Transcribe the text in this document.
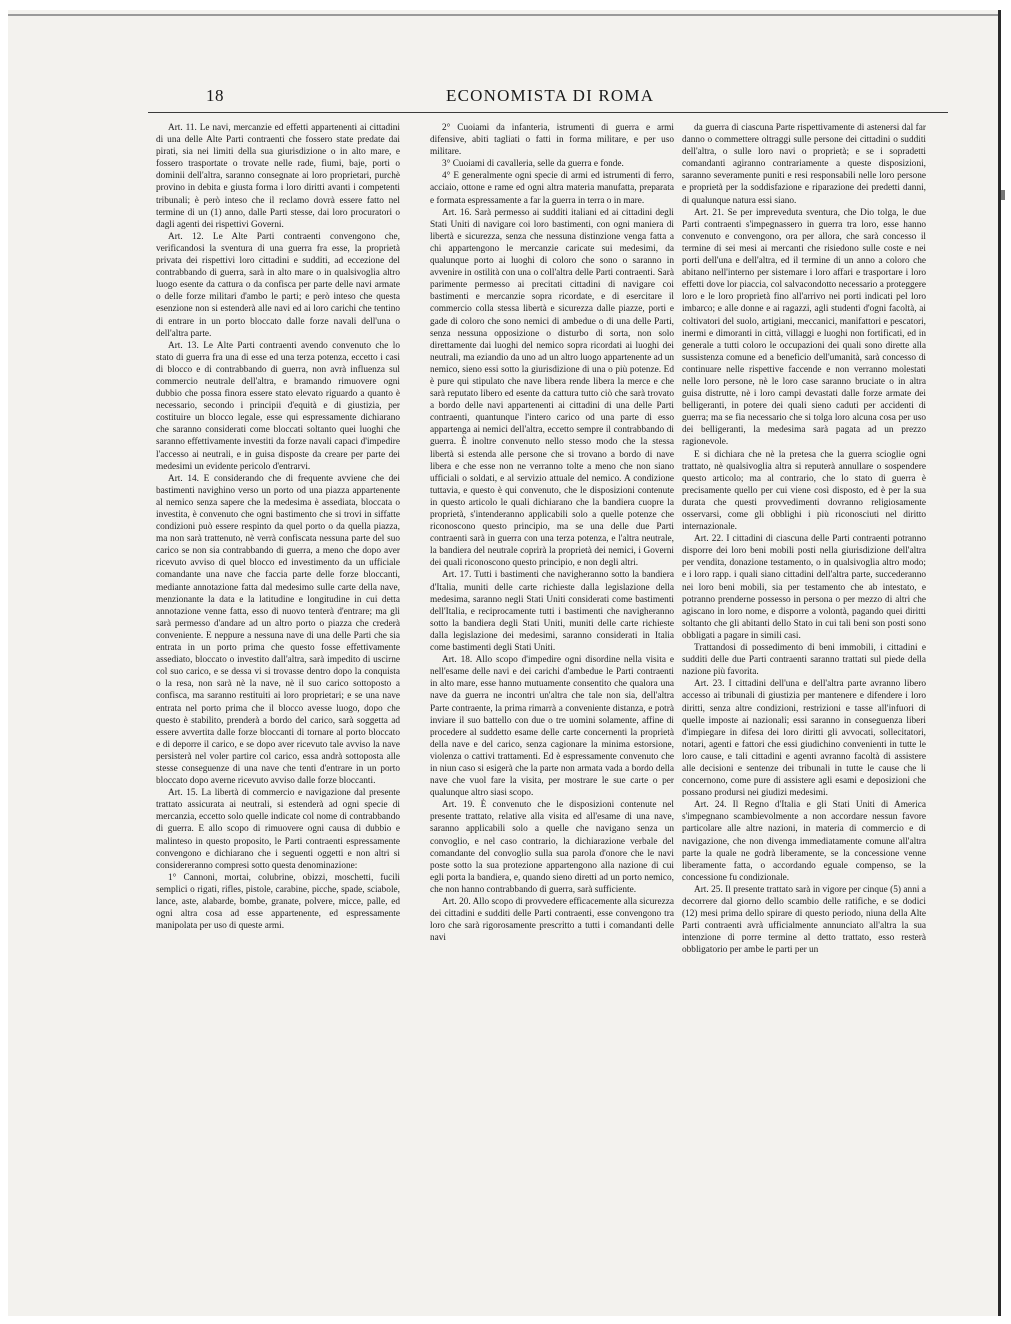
18	ECONOMISTA DI ROMA

Art. 11. Le navi, mercanzie ed effetti appartenenti ai cittadini di una delle Alte Parti contraenti che fossero state predate dai pirati, sia nei limiti della sua giurisdizione o in alto mare, e fossero trasportate o trovate nelle rade, fiumi, baje, porti o dominii dell'altra, saranno consegnate ai loro proprietari, purchè provino in debita e giusta forma i loro diritti avanti i competenti tribunali; è però inteso che il reclamo dovrà essere fatto nel termine di un (1) anno, dalle Parti stesse, dai loro procuratori o dagli agenti dei rispettivi Governi.

Art. 12. Le Alte Parti contraenti convengono che, verificandosi la sventura di una guerra fra esse, la proprietà privata dei rispettivi loro cittadini e sudditi, ad eccezione del contrabbando di guerra, sarà in alto mare o in qualsivoglia altro luogo esente da cattura o da confisca per parte delle navi armate o delle forze militari d'ambo le parti; e però inteso che questa esenzione non si estenderà alle navi ed ai loro carichi che tentino di entrare in un porto bloccato dalle forze navali dell'una o dell'altra parte.

Art. 13. Le Alte Parti contraenti avendo convenuto che lo stato di guerra fra una di esse ed una terza potenza, eccetto i casi di blocco e di contrabbando di guerra, non avrà influenza sul commercio neutrale dell'altra, e bramando rimuovere ogni dubbio che possa finora essere stato elevato riguardo a quanto è necessario, secondo i principii d'equità e di giustizia, per costituire un blocco legale, esse qui espressamente dichiarano che saranno considerati come bloccati soltanto quei luoghi che saranno effettivamente investiti da forze navali capaci d'impedire l'accesso ai neutrali, e in guisa disposte da creare per parte dei medesimi un evidente pericolo d'entrarvi.

Art. 14. E considerando che di frequente avviene che dei bastimenti navighino verso un porto od una piazza appartenente al nemico senza sapere che la medesima è assediata, bloccata o investita, è convenuto che ogni bastimento che si trovi in siffatte condizioni può essere respinto da quel porto o da quella piazza, ma non sarà trattenuto, nè verrà confiscata nessuna parte del suo carico se non sia contrabbando di guerra, a meno che dopo aver ricevuto avviso di quel blocco ed investimento da un ufficiale comandante una nave che faccia parte delle forze bloccanti, mediante annotazione fatta dal medesimo sulle carte della nave, menzionante la data e la latitudine e longitudine in cui detta annotazione venne fatta, esso di nuovo tenterà d'entrare; ma gli sarà permesso d'andare ad un altro porto o piazza che crederà conveniente. E neppure a nessuna nave di una delle Parti che sia entrata in un porto prima che questo fosse effettivamente assediato, bloccato o investito dall'altra, sarà impedito di uscirne col suo carico, e se dessa vi si trovasse dentro dopo la conquista o la resa, non sarà nè la nave, nè il suo carico sottoposto a confisca, ma saranno restituiti ai loro proprietari; e se una nave entrata nel porto prima che il blocco avesse luogo, dopo che questo è stabilito, prenderà a bordo del carico, sarà soggetta ad essere avvertita dalle forze bloccanti di tornare al porto bloccato e di deporre il carico, e se dopo aver ricevuto tale avviso la nave persisterà nel voler partire col carico, essa andrà sottoposta alle stesse conseguenze di una nave che tenti d'entrare in un porto bloccato dopo averne ricevuto avviso dalle forze bloccanti.

Art. 15. La libertà di commercio e navigazione dal presente trattato assicurata ai neutrali, si estenderà ad ogni specie di mercanzia, eccetto solo quelle indicate col nome di contrabbando di guerra. E allo scopo di rimuovere ogni causa di dubbio e malinteso in questo proposito, le Parti contraenti espressamente convengono e dichiarano che i seguenti oggetti e non altri si considereranno compresi sotto questa denominazione:

1° Cannoni, mortai, colubrine, obizzi, moschetti, fucili semplici o rigati, rifles, pistole, carabine, picche, spade, sciabole, lance, aste, alabarde, bombe, granate, polvere, micce, palle, ed ogni altra cosa ad esse appartenente, ed espressamente manipolata per uso di queste armi.

2° Cuoiami da infanteria, istrumenti di guerra e armi difensive, abiti tagliati o fatti in forma militare, e per uso militare.

3° Cuoiami di cavalleria, selle da guerra e fonde.

4° E generalmente ogni specie di armi ed istrumenti di ferro, acciaio, ottone e rame ed ogni altra materia manufatta, preparata e formata espressamente a far la guerra in terra o in mare.

Art. 16. Sarà permesso ai sudditi italiani ed ai cittadini degli Stati Uniti di navigare coi loro bastimenti, con ogni maniera di libertà e sicurezza, senza che nessuna distinzione venga fatta a chi appartengono le mercanzie caricate sui medesimi, da qualunque porto ai luoghi di coloro che sono o saranno in avvenire in ostilità con una o coll'altra delle Parti contraenti. Sarà parimente permesso ai precitati cittadini di navigare coi bastimenti e mercanzie sopra ricordate, e di esercitare il commercio colla stessa libertà e sicurezza dalle piazze, porti e gade di coloro che sono nemici di ambedue o di una delle Parti, senza nessuna opposizione o disturbo di sorta, non solo direttamente dai luoghi del nemico sopra ricordati ai luoghi dei neutrali, ma eziandio da uno ad un altro luogo appartenente ad un nemico, sieno essi sotto la giurisdizione di una o più potenze. Ed è pure qui stipulato che nave libera rende libera la merce e che sarà reputato libero ed esente da cattura tutto ciò che sarà trovato a bordo delle navi appartenenti ai cittadini di una delle Parti contraenti, quantunque l'intero carico od una parte di esso appartenga ai nemici dell'altra, eccetto sempre il contrabbando di guerra. È inoltre convenuto nello stesso modo che la stessa libertà si estenda alle persone che si trovano a bordo di nave libera e che esse non ne verranno tolte a meno che non siano ufficiali o soldati, e al servizio attuale del nemico. A condizione tuttavia, e questo è qui convenuto, che le disposizioni contenute in questo articolo le quali dichiarano che la bandiera cuopre la proprietà, s'intenderanno applicabili solo a quelle potenze che riconoscono questo principio, ma se una delle due Parti contraenti sarà in guerra con una terza potenza, e l'altra neutrale, la bandiera del neutrale coprirà la proprietà dei nemici, i Governi dei quali riconoscono questo principio, e non degli altri.

Art. 17. Tutti i bastimenti che navigheranno sotto la bandiera d'Italia, muniti delle carte richieste dalla legislazione della medesima, saranno negli Stati Uniti considerati come bastimenti dell'Italia, e reciprocamente tutti i bastimenti che navigheranno sotto la bandiera degli Stati Uniti, muniti delle carte richieste dalla legislazione dei medesimi, saranno considerati in Italia come bastimenti degli Stati Uniti.

Art. 18. Allo scopo d'impedire ogni disordine nella visita e nell'esame delle navi e dei carichi d'ambedue le Parti contraenti in alto mare, esse hanno mutuamente consentito che qualora una nave da guerra ne incontri un'altra che tale non sia, dell'altra Parte contraente, la prima rimarrà a conveniente distanza, e potrà inviare il suo battello con due o tre uomini solamente, affine di procedere al suddetto esame delle carte concernenti la proprietà della nave e del carico, senza cagionare la minima estorsione, violenza o cattivi trattamenti. Ed è espressamente convenuto che in niun caso si esigerà che la parte non armata vada a bordo della nave che vuol fare la visita, per mostrare le sue carte o per qualunque altro siasi scopo.

Art. 19. È convenuto che le disposizioni contenute nel presente trattato, relative alla visita ed all'esame di una nave, saranno applicabili solo a quelle che navigano senza un convoglio, e nel caso contrario, la dichiarazione verbale del comandante del convoglio sulla sua parola d'onore che le navi poste sotto la sua protezione appartengono alla nazione di cui egli porta la bandiera, e, quando sieno diretti ad un porto nemico, che non hanno contrabbando di guerra, sarà sufficiente.

Art. 20. Allo scopo di provvedere efficacemente alla sicurezza dei cittadini e sudditi delle Parti contraenti, esse convengono tra loro che sarà rigorosamente prescritto a tutti i comandanti delle navi

da guerra di ciascuna Parte rispettivamente di astenersi dal far danno o commettere oltraggi sulle persone dei cittadini o sudditi dell'altra, o sulle loro navi o proprietà; e se i sopradetti comandanti agiranno contrariamente a queste disposizioni, saranno severamente puniti e resi responsabili nelle loro persone e proprietà per la soddisfazione e riparazione dei predetti danni, di qualunque natura essi siano.

Art. 21. Se per impreveduta sventura, che Dio tolga, le due Parti contraenti s'impegnassero in guerra tra loro, esse hanno convenuto e convengono, ora per allora, che sarà concesso il termine di sei mesi ai mercanti che risiedono sulle coste e nei porti dell'una e dell'altra, ed il termine di un anno a coloro che abitano nell'interno per sistemare i loro affari e trasportare i loro effetti dove lor piaccia, col salvacondotto necessario a proteggere loro e le loro proprietà fino all'arrivo nei porti indicati pel loro imbarco; e alle donne e ai ragazzi, agli studenti d'ogni facoltà, ai coltivatori del suolo, artigiani, meccanici, manifattori e pescatori, inermi e dimoranti in città, villaggi e luoghi non fortificati, ed in generale a tutti coloro le occupazioni dei quali sono dirette alla sussistenza comune ed a beneficio dell'umanità, sarà concesso di continuare nelle rispettive faccende e non verranno molestati nelle loro persone, nè le loro case saranno bruciate o in altra guisa distrutte, nè i loro campi devastati dalle forze armate dei belligeranti, in potere dei quali sieno caduti per accidenti di guerra; ma se fia necessario che si tolga loro alcuna cosa per uso dei belligeranti, la medesima sarà pagata ad un prezzo ragionevole.

E si dichiara che nè la pretesa che la guerra scioglie ogni trattato, nè qualsivoglia altra si reputerà annullare o sospendere questo articolo; ma al contrario, che lo stato di guerra è precisamente quello per cui viene così disposto, ed è per la sua durata che questi provvedimenti dovranno religiosamente osservarsi, come gli obblighi i più riconosciuti nel diritto internazionale.

Art. 22. I cittadini di ciascuna delle Parti contraenti potranno disporre dei loro beni mobili posti nella giurisdizione dell'altra per vendita, donazione testamento, o in qualsivoglia altro modo; e i loro rapp. i quali siano cittadini dell'altra parte, succederanno nei loro beni mobili, sia per testamento che ab intestato, e potranno prenderne possesso in persona o per mezzo di altri che agiscano in loro nome, e disporre a volontà, pagando quei diritti soltanto che gli abitanti dello Stato in cui tali beni son posti sono obbligati a pagare in simili casi.

Trattandosi di possedimento di beni immobili, i cittadini e sudditi delle due Parti contraenti saranno trattati sul piede della nazione più favorita.

Art. 23. I cittadini dell'una e dell'altra parte avranno libero accesso ai tribunali di giustizia per mantenere e difendere i loro diritti, senza altre condizioni, restrizioni e tasse all'infuori di quelle imposte ai nazionali; essi saranno in conseguenza liberi d'impiegare in difesa dei loro diritti gli avvocati, sollecitatori, notari, agenti e fattori che essi giudichino convenienti in tutte le loro cause, e tali cittadini e agenti avranno facoltà di assistere alle decisioni e sentenze dei tribunali in tutte le cause che li concernono, come pure di assistere agli esami e deposizioni che possano prodursi nei giudizi medesimi.

Art. 24. Il Regno d'Italia e gli Stati Uniti di America s'impegnano scambievolmente a non accordare nessun favore particolare alle altre nazioni, in materia di commercio e di navigazione, che non divenga immediatamente comune all'altra parte la quale ne godrà liberamente, se la concessione venne liberamente fatta, o accordando eguale compenso, se la concessione fu condizionale.

Art. 25. Il presente trattato sarà in vigore per cinque (5) anni a decorrere dal giorno dello scambio delle ratifiche, e se dodici (12) mesi prima dello spirare di questo periodo, niuna della Alte Parti contraenti avrà ufficialmente annunciato all'altra la sua intenzione di porre termine al detto trattato, esso resterà obbligatorio per ambe le parti per un
